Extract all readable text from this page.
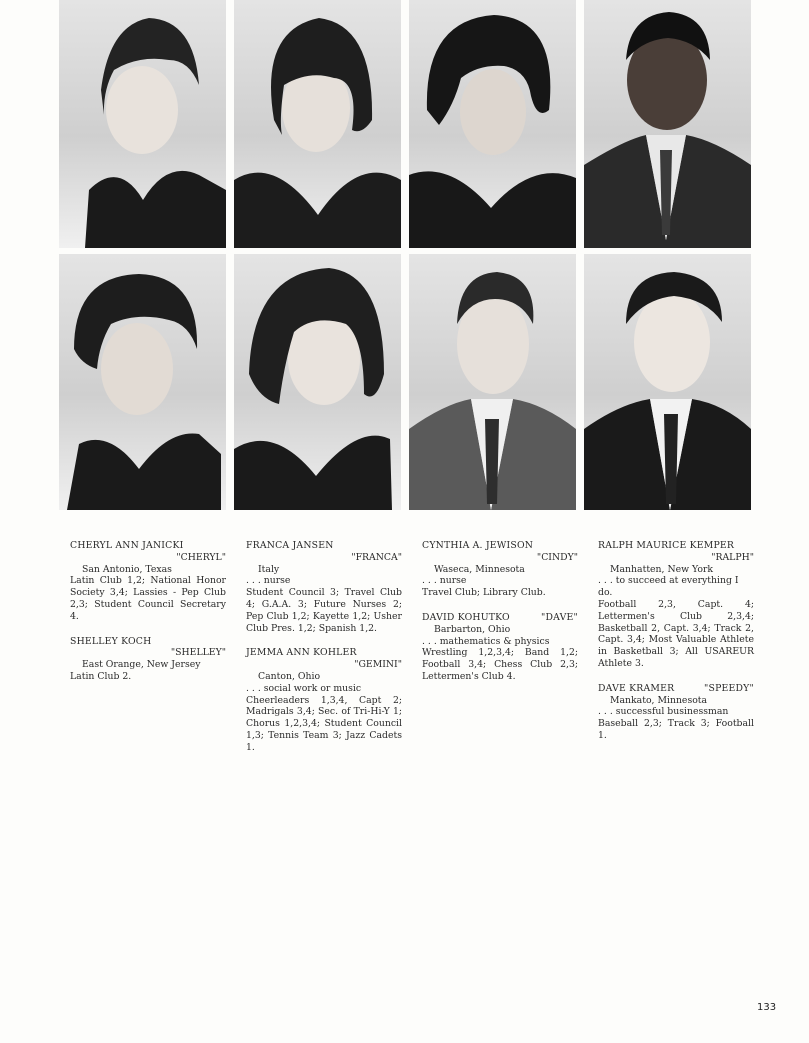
CHERYL ANN JANICKI
"CHERYL"
San Antonio, Texas
Latin Club 1,2; National Honor Society 3,4; Lassies - Pep Club 2,3; Student Council Secretary 4.
SHELLEY KOCH
"SHELLEY"
East Orange, New Jersey
Latin Club 2.
FRANCA JANSEN
"FRANCA"
Italy
. . . nurse
Student Council 3; Travel Club 4; G.A.A. 3; Future Nurses 2; Pep Club 1,2; Kayette 1,2; Usher Club Pres. 1,2; Spanish 1,2.
JEMMA ANN KOHLER
"GEMINI"
Canton, Ohio
. . . social work or music
Cheerleaders 1,3,4, Capt 2; Madrigals 3,4; Sec. of Tri-Hi-Y 1; Chorus 1,2,3,4; Student Council 1,3; Tennis Team 3; Jazz Cadets 1.
CYNTHIA A. JEWISON
"CINDY"
Waseca, Minnesota
. . . nurse
Travel Club; Library Club.
DAVID KOHUTKO	"DAVE"
Barbarton, Ohio
. . . mathematics & physics
Wrestling 1,2,3,4; Band 1,2; Football 3,4; Chess Club 2,3; Lettermen's Club 4.
RALPH MAURICE KEMPER
"RALPH"
Manhatten, New York
. . . to succeed at everything I do.
Football 2,3, Capt. 4; Lettermen's Club 2,3,4; Basketball 2, Capt. 3,4; Track 2, Capt. 3,4; Most Valuable Athlete in Basketball 3; All USAREUR Athlete 3.
DAVE KRAMER	"SPEEDY"
Mankato, Minnesota
. . . successful businessman
Baseball 2,3; Track 3; Football 1.
133
